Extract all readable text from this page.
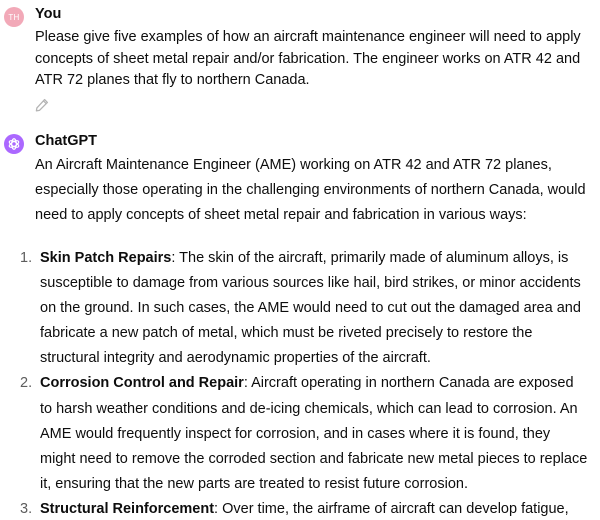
TH You
Please give five examples of how an aircraft maintenance engineer will need to apply concepts of sheet metal repair and/or fabrication. The engineer works on ATR 42 and ATR 72 planes that fly to northern Canada.
ChatGPT
An Aircraft Maintenance Engineer (AME) working on ATR 42 and ATR 72 planes, especially those operating in the challenging environments of northern Canada, would need to apply concepts of sheet metal repair and fabrication in various ways:
1. Skin Patch Repairs: The skin of the aircraft, primarily made of aluminum alloys, is susceptible to damage from various sources like hail, bird strikes, or minor accidents on the ground. In such cases, the AME would need to cut out the damaged area and fabricate a new patch of metal, which must be riveted precisely to restore the structural integrity and aerodynamic properties of the aircraft.
2. Corrosion Control and Repair: Aircraft operating in northern Canada are exposed to harsh weather conditions and de-icing chemicals, which can lead to corrosion. An AME would frequently inspect for corrosion, and in cases where it is found, they might need to remove the corroded section and fabricate new metal pieces to replace it, ensuring that the new parts are treated to resist future corrosion.
3. Structural Reinforcement: Over time, the airframe of aircraft can develop fatigue,
